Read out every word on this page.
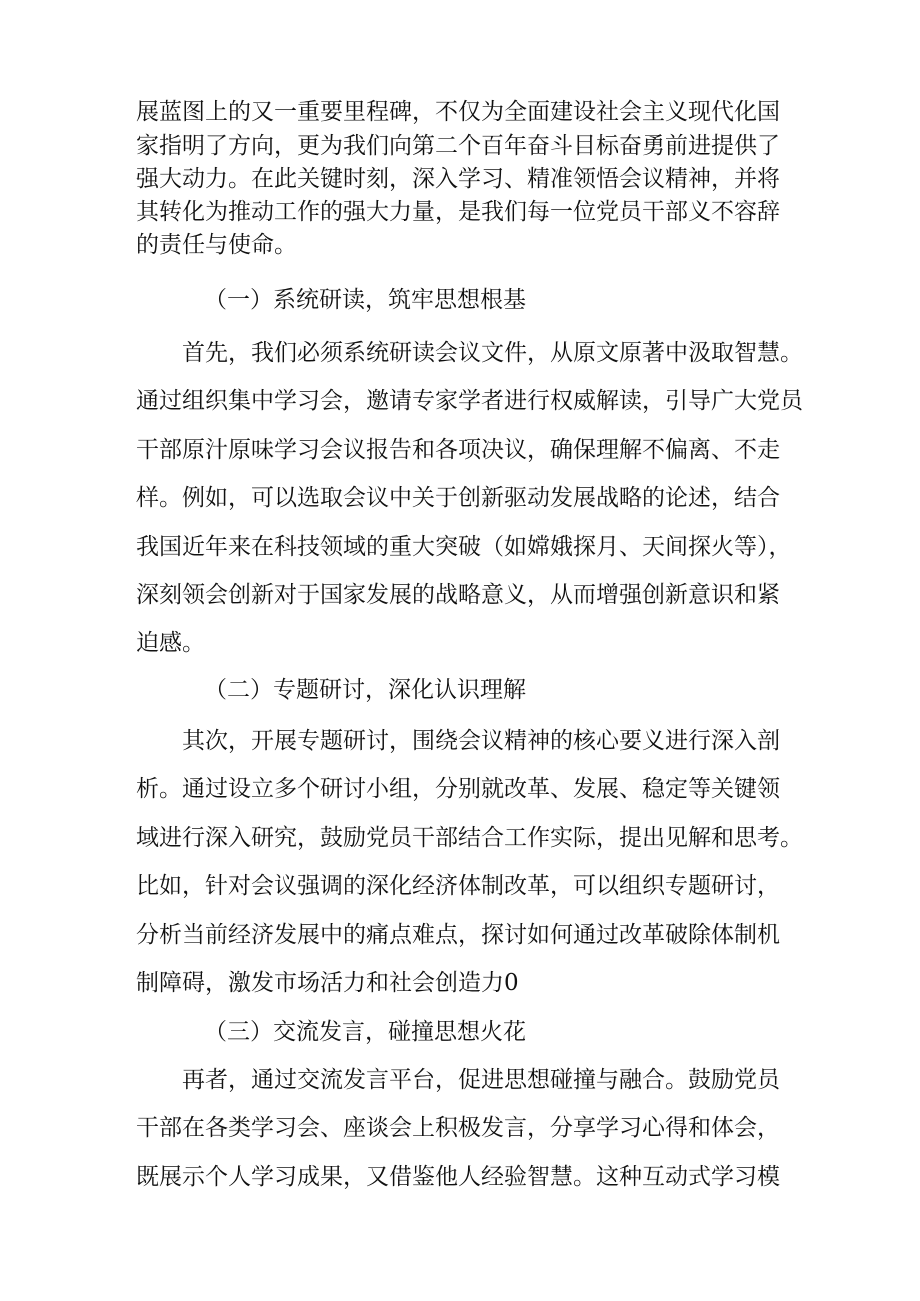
展蓝图上的又一重要里程碑，不仅为全面建设社会主义现代化国
家指明了方向，更为我们向第二个百年奋斗目标奋勇前进提供了
强大动力。在此关键时刻，深入学习、精准领悟会议精神，并将
其转化为推动工作的强大力量，是我们每一位党员干部义不容辞
的责任与使命。
（一）系统研读，筑牢思想根基
首先，我们必须系统研读会议文件，从原文原著中汲取智慧。
通过组织集中学习会，邀请专家学者进行权威解读，引导广大党员
干部原汁原味学习会议报告和各项决议，确保理解不偏离、不走
样。例如，可以选取会议中关于创新驱动发展战略的论述，结合
我国近年来在科技领域的重大突破（如嫦娥探月、天间探火等），
深刻领会创新对于国家发展的战略意义，从而增强创新意识和紧
迫感。
（二）专题研讨，深化认识理解
其次，开展专题研讨，围绕会议精神的核心要义进行深入剖
析。通过设立多个研讨小组，分别就改革、发展、稳定等关键领
域进行深入研究，鼓励党员干部结合工作实际，提出见解和思考。
比如，针对会议强调的深化经济体制改革，可以组织专题研讨，
分析当前经济发展中的痛点难点，探讨如何通过改革破除体制机
制障碍，激发市场活力和社会创造力0
（三）交流发言，碰撞思想火花
再者，通过交流发言平台，促进思想碰撞与融合。鼓励党员
干部在各类学习会、座谈会上积极发言，分享学习心得和体会，
既展示个人学习成果，又借鉴他人经验智慧。这种互动式学习模
